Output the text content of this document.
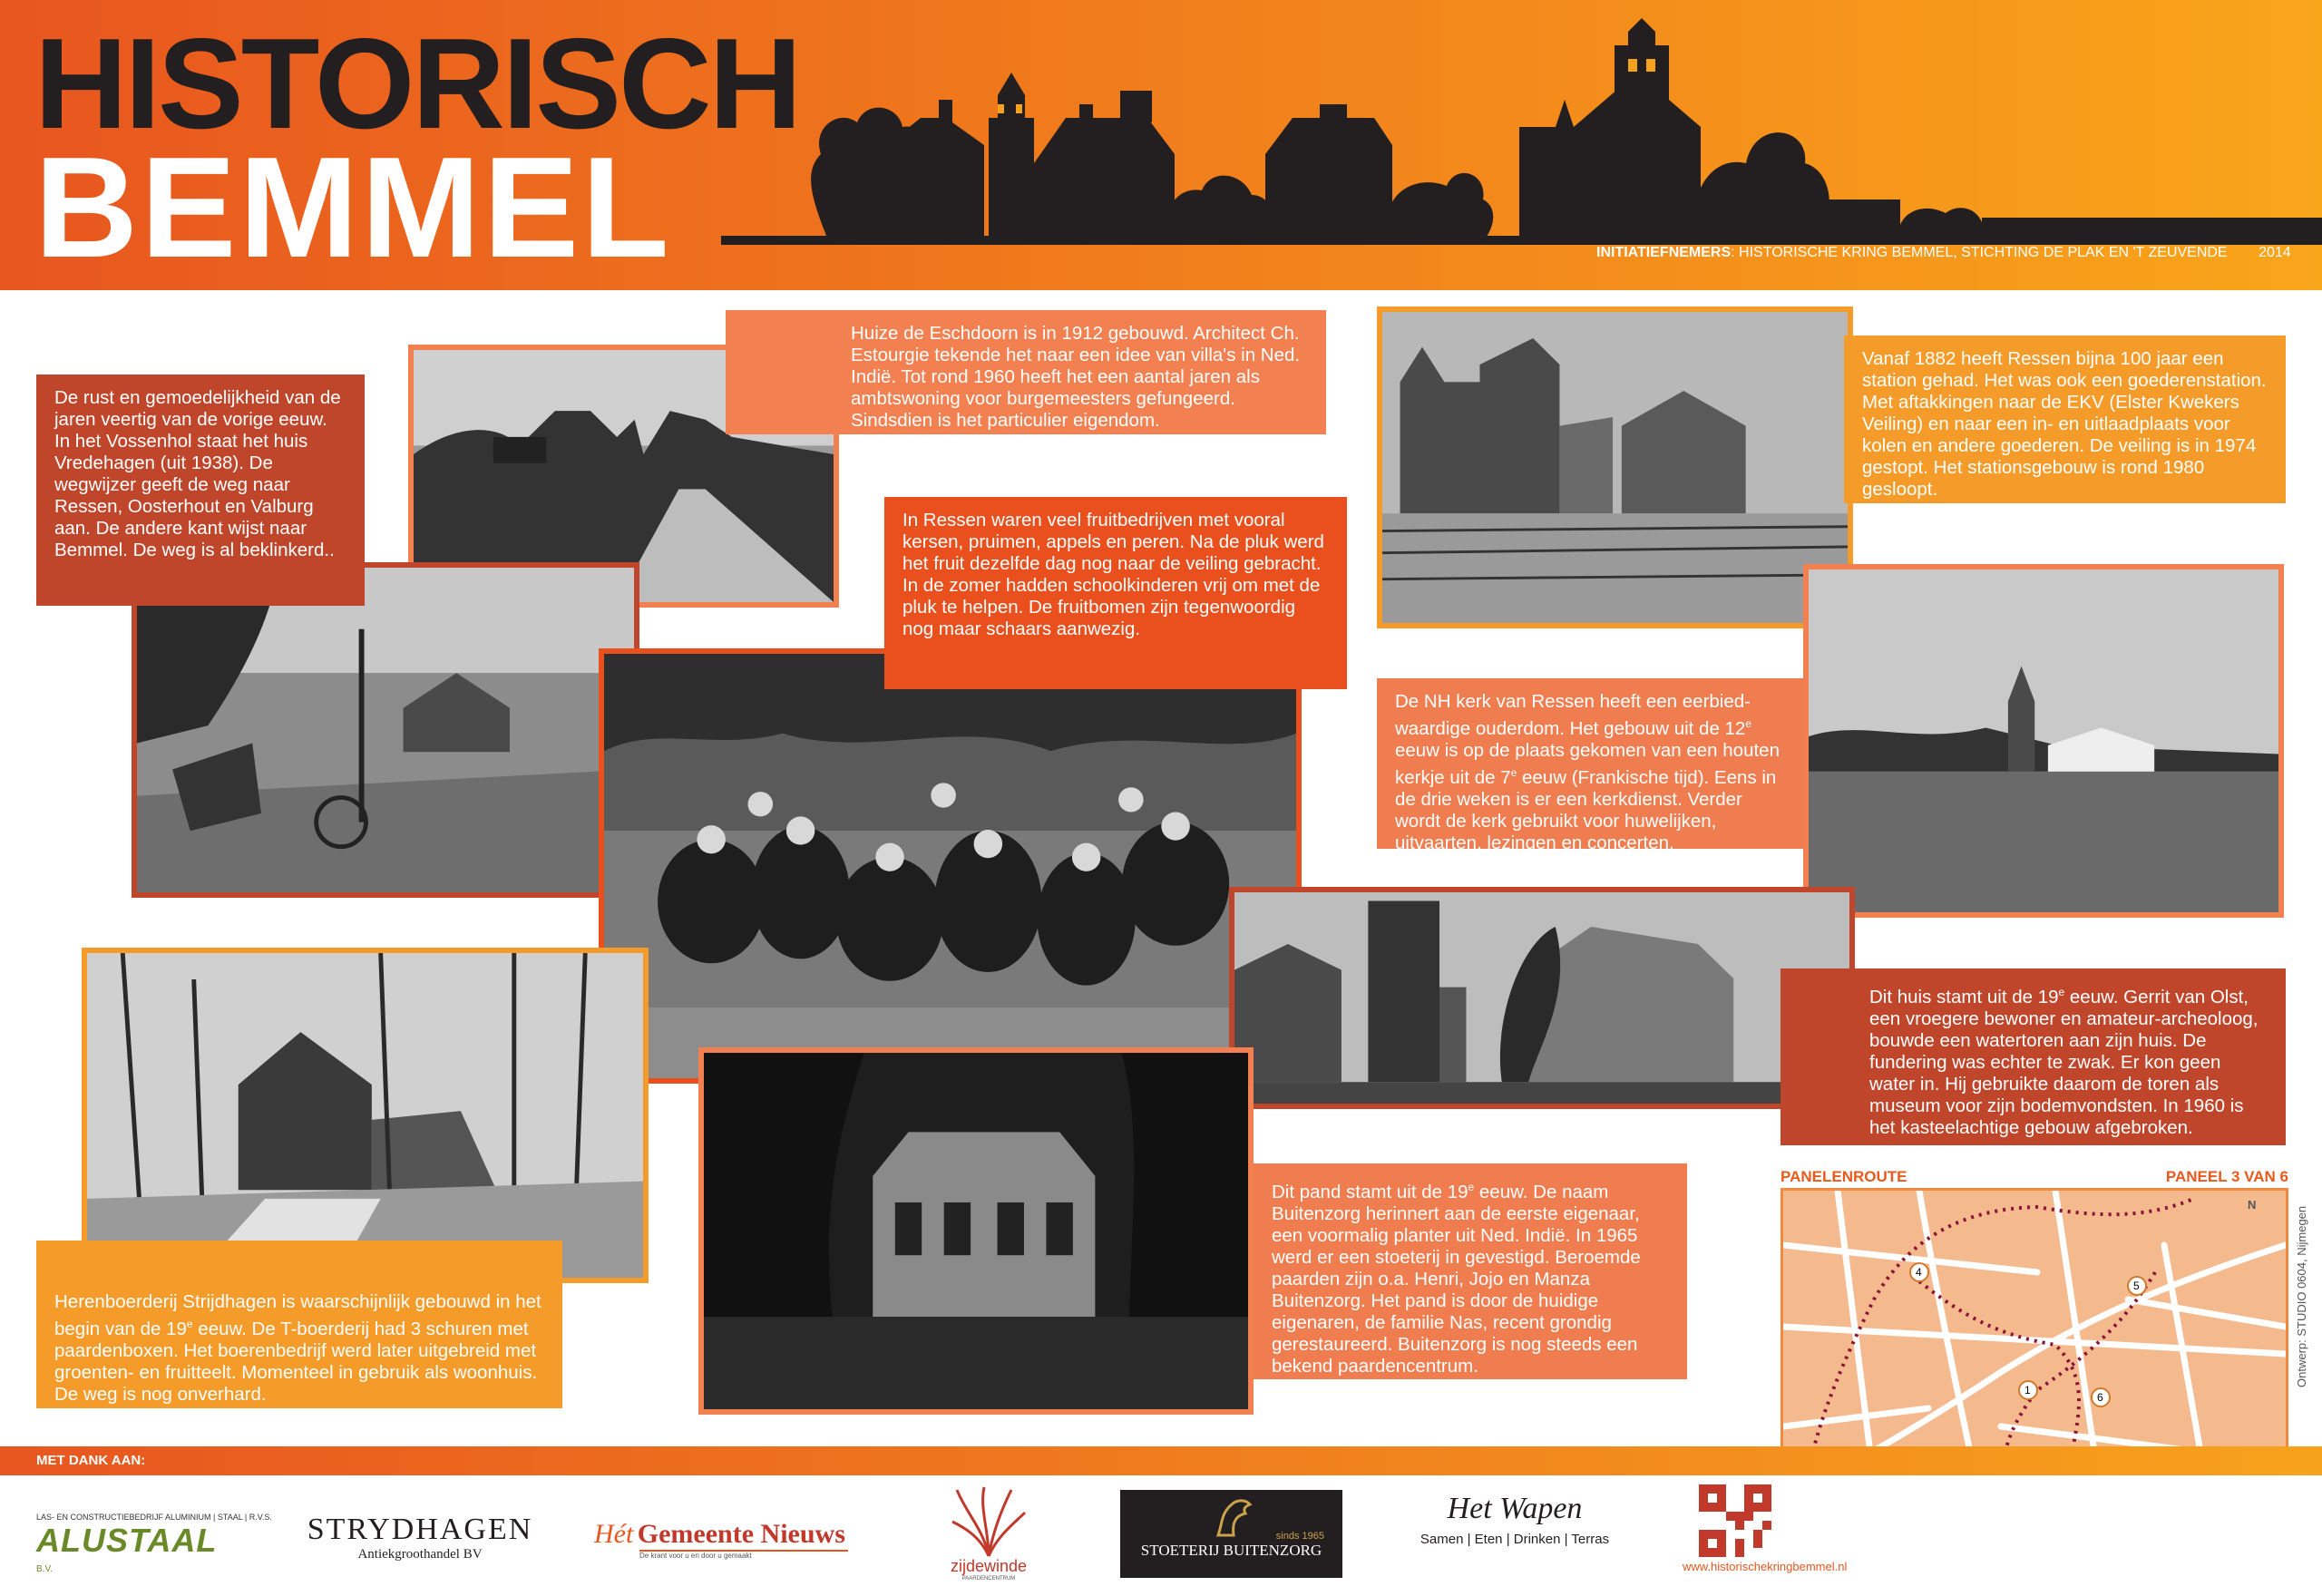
HISTORISCH
BEMMEL	INITIATIEFNEMERS: HISTORISCHE KRING BEMMEL, STICHTING DE PLAK EN 'T ZEUVENDE 2014
De rust en gemoedelijkheid van de jaren veertig van de vorige eeuw. In het Vossenhol staat het huis Vredehagen (uit 1938). De wegwijzer geeft de weg naar Ressen, Oosterhout en Valburg aan. De andere kant wijst naar Bemmel. De weg is al beklinkerd..
Huize de Eschdoorn is in 1912 gebouwd. Architect Ch. Estourgie tekende het naar een idee van villa's in Ned. Indië. Tot rond 1960 heeft het een aantal jaren als ambtswoning voor burgemeesters gefungeerd. Sindsdien is het particulier eigendom.
In Ressen waren veel fruitbedrijven met vooral kersen, pruimen, appels en peren. Na de pluk werd het fruit dezelfde dag nog naar de veiling gebracht. In de zomer hadden schoolkinderen vrij om met de pluk te helpen. De fruitbomen zijn tegenwoordig nog maar schaars aanwezig.
Vanaf 1882 heeft Ressen bijna 100 jaar een station gehad. Het was ook een goederenstation. Met aftakkingen naar de EKV (Elster Kwekers Veiling) en naar een in- en uitlaadplaats voor kolen en andere goederen. De veiling is in 1974 gestopt. Het stationsgebouw is rond 1980 gesloopt.
De NH kerk van Ressen heeft een eerbied-waardige ouderdom. Het gebouw uit de 12e eeuw is op de plaats gekomen van een houten kerkje uit de 7e eeuw (Frankische tijd). Eens in de drie weken is er een kerkdienst. Verder wordt de kerk gebruikt voor huwelijken, uitvaarten, lezingen en concerten.
Dit huis stamt uit de 19e eeuw. Gerrit van Olst, een vroegere bewoner en amateur-archeoloog, bouwde een watertoren aan zijn huis. De fundering was echter te zwak. Er kon geen water in. Hij gebruikte daarom de toren als museum voor zijn bodemvondsten. In 1960 is het kasteelachtige gebouw afgebroken.
Herenboerderij Strijdhagen is waarschijnlijk gebouwd in het begin van de 19e eeuw. De T-boerderij had 3 schuren met paardenboxen. Het boerenbedrijf werd later uitgebreid met groenten- en fruitteelt. Momenteel in gebruik als woonhuis. De weg is nog onverhard.
Dit pand stamt uit de 19e eeuw. De naam Buitenzorg herinnert aan de eerste eigenaar, een voormalig planter uit Ned. Indië. In 1965 werd er een stoeterij in gevestigd. Beroemde paarden zijn o.a. Henri, Jojo en Manza Buitenzorg. Het pand is door de huidige eigenaren, de familie Nas, recent grondig gerestaureerd. Buitenzorg is nog steeds een bekend paardencentrum.
PANELENROUTE	PANEEL 3 VAN 6
1
4
5
6
N
Ontwerp: STUDIO 0604, Nijmegen
MET DANK AAN:
LAS- EN CONSTRUCTIEBEDRIJF ALUMINIUM | STAAL | R.V.S.
ALUSTAAL B.V.
STRYDHAGEN
Antiekgroothandel BV
Hét Gemeente Nieuws
De krant voor u en door u gemaakt
zijdewinde
PAARDENCENTRUM
sinds 1965
STOETERIJ BUITENZORG
Het Wapen
Samen | Eten | Drinken | Terras
www.historischekringbemmel.nl
